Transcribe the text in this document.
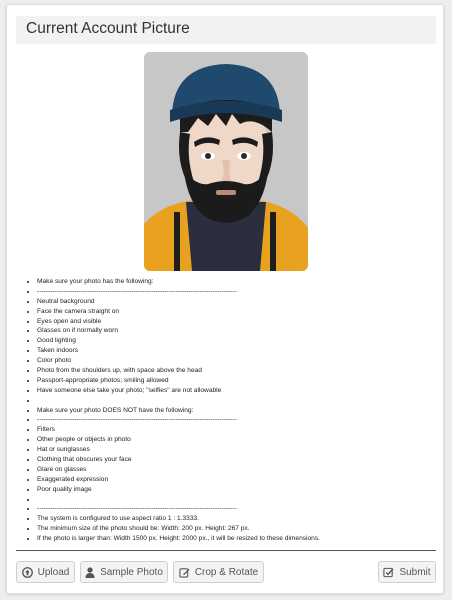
Current Account Picture
• Make sure your photo has the following:
• -------------------------------------------------------------------------------------------
• Neutral background
• Face the camera straight on
• Eyes open and visible
• Glasses on if normally worn
• Good lighting
• Taken indoors
• Color photo
• Photo from the shoulders up, with space above the head
• Passport-appropriate photos; smiling allowed
• Have someone else take your photo; "selfies" are not allowable
•
• Make sure your photo DOES NOT have the following:
• -------------------------------------------------------------------------------------------
• Filters
• Other people or objects in photo
• Hat or sunglasses
• Clothing that obscures your face
• Glare on glasses
• Exaggerated expression
• Poor quality image
•
• -------------------------------------------------------------------------------------------
• The system is configured to use aspect ratio 1 : 1.3333.
• The minimum size of the photo should be: Width: 200 px. Height: 267 px.
• If the photo is larger than: Width 1500 px. Height: 2000 px., it will be resized to these dimensions.
Upload	Sample Photo	Crop & Rotate	Submit
